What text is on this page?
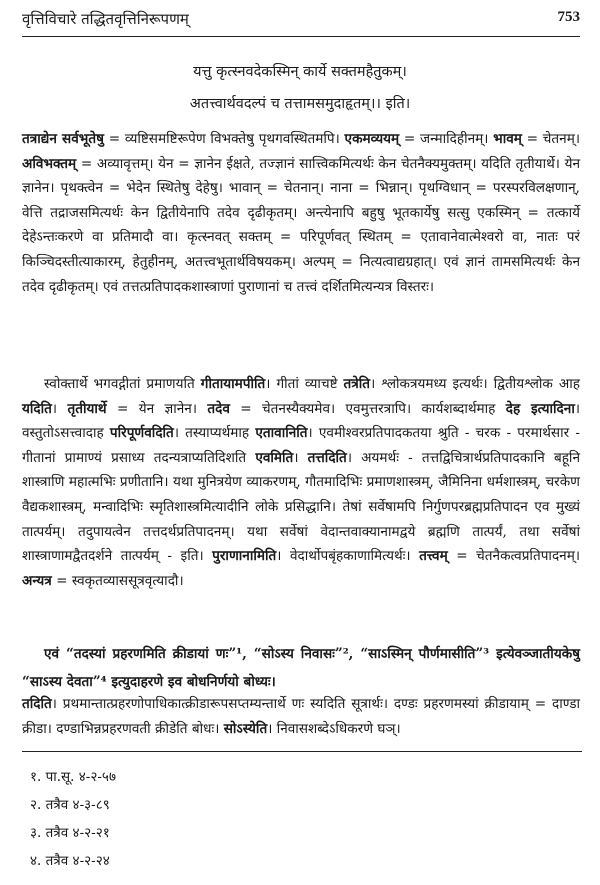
वृत्तिविचारे तद्धितवृत्तिनिरूपणम्	753
यत्तु कृत्स्नवदेकस्मिन् कार्ये सक्तमहैतुकम्।
अतत्त्वार्थवदल्पं च तत्तामसमुदाहृतम्।। इति।

तत्राद्येन सर्वभूतेषु = व्यष्टिसमष्टिरूपेण विभक्तेषु पृथगवस्थितमपि। एकमव्ययम् = जन्मादिहीनम्। भावम् = चेतनम्। अविभक्तम् = अव्यावृत्तम्। येन = ज्ञानेन ईक्षते, तज्ज्ञानं सात्त्विकमित्यर्थः केन चेतनैक्यमुक्तम्। यदिति तृतीयार्थे। येन ज्ञानेन। पृथक्त्वेन = भेदेन स्थितेषु देहेषु। भावान् = चेतनान्। नाना = भिन्नान्। पृथग्विधान् = परस्परविलक्षणान्, वेत्ति तद्राजसमित्यर्थः केन द्वितीयेनापि तदेव दृढीकृतम्। अन्त्येनापि बहुषु भूतकार्येषु सत्सु एकस्मिन् = तत्कार्ये देहेऽन्तःकरणे वा प्रतिमादौ वा। कृत्स्नवत् सक्तम् = परिपूर्णवत् स्थितम् = एतावानेवात्मेश्वरो वा, नातः परं किञ्चिदस्तीत्याकारम्, हेतुहीनम्, अतत्त्वभूतार्थविषयकम्। अल्पम् = नित्यत्वाद्यग्रहात्। एवं ज्ञानं तामसमित्यर्थः केन तदेव दृढीकृतम्। एवं तत्तत्प्रतिपादकशास्त्राणां पुराणानां च तत्त्वं दर्शितमित्यन्यत्र विस्तरः।

स्वोक्तार्थे भगवद्गीतां प्रमाणयति गीतायामपीति। गीतां व्याचष्टे तत्रेति। श्लोकत्रयमध्य इत्यर्थः। द्वितीयश्लोक आह यदिति। तृतीयार्थे = येन ज्ञानेन। तदेव = चेतनस्यैक्यमेव। एवमुत्तरत्रापि। कार्यशब्दार्थमाह देह इत्यादिना। वस्तुतोऽसत्त्वादाह परिपूर्णवदिति। तस्याप्यर्थमाह एतावानिति। एवमीश्वरप्रतिपादकतया श्रुति - चरक - परमार्थसार - गीतानां प्रामाण्यं प्रसाध्य तदन्यत्राप्यतिदिशति एवमिति। तत्तदिति। अयमर्थः - तत्तद्विचित्रार्थप्रतिपादकानि बहूनि शास्त्राणि महात्मभिः प्रणीतानि। यथा मुनित्रयेण व्याकरणम्, गौतमादिभिः प्रमाणशास्त्रम्, जैमिनिना धर्मशास्त्रम्, चरकेण वैद्यकशास्त्रम्, मन्वादिभिः स्मृतिशास्त्रमित्यादीनि लोके प्रसिद्धानि। तेषां सर्वेषामपि निर्गुणपरब्रह्मप्रतिपादन एव मुख्यं तात्पर्यम्। तदुपायत्वेन तत्तदर्थप्रतिपादनम्। यथा सर्वेषां वेदान्तवाक्यानामद्वये ब्रह्मणि तात्पर्यं, तथा सर्वेषां शास्त्राणामद्वैतदर्शने तात्पर्यम् - इति। पुराणानामिति। वेदार्थोपबृंहकाणामित्यर्थः। तत्त्वम् = चेतनैकत्वप्रतिपादनम्। अन्यत्र = स्वकृतव्याससूत्रवृत्यादौ।

एवं “तदस्यां प्रहरणमिति क्रीडायां णः”¹, “सोऽस्य निवासः”², “साऽस्मिन् पौर्णमासीति”³ इत्येवञ्जातीयकेषु “साऽस्य देवता”⁴ इत्युदाहरणे इव बोधनिर्णयो बोध्यः।

तदिति। प्रथमान्तात्प्रहरणोपाधिकात्क्रीडारूपसप्तम्यन्तार्थे णः स्यदिति सूत्रार्थः। दण्डः प्रहरणमस्यां क्रीडायाम् = दाण्डा क्रीडा। दण्डाभिन्नप्रहरणवती क्रीडेति बोधः। सोऽस्येति। निवासशब्देऽधिकरणे घञ्।

१. पा.सू. ४-२-५७
२. तत्रैव ४-३-८९
३. तत्रैव ४-२-२१
४. तत्रैव ४-२-२४
